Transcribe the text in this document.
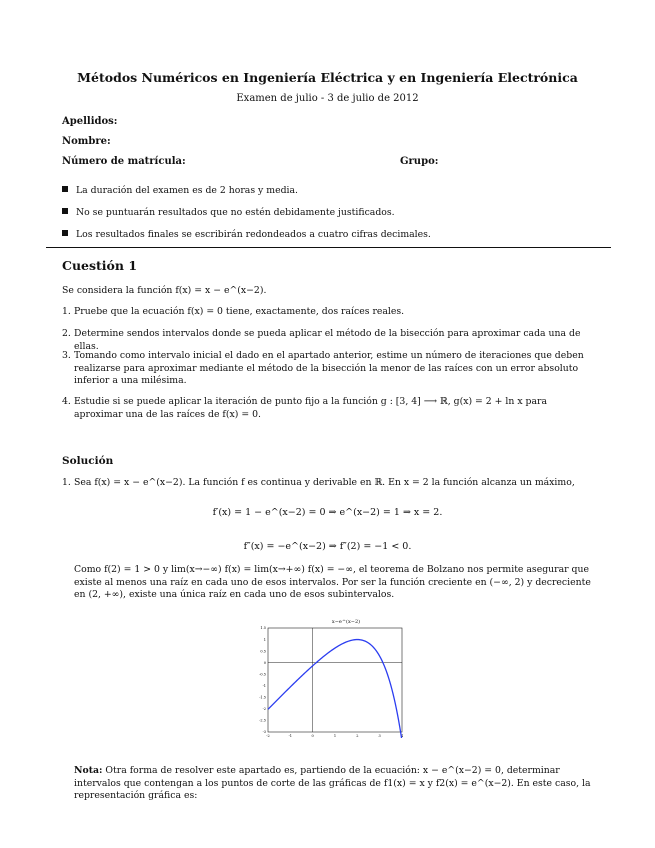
Métodos Numéricos en Ingeniería Eléctrica y en Ingeniería Electrónica
Examen de julio - 3 de julio de 2012
Apellidos:
Nombre:
Número de matrícula:	Grupo:
La duración del examen es de 2 horas y media.
No se puntuarán resultados que no estén debidamente justificados.
Los resultados finales se escribirán redondeados a cuatro cifras decimales.
Cuestión 1
Se considera la función f(x) = x − e^(x−2).
1. Pruebe que la ecuación f(x) = 0 tiene, exactamente, dos raíces reales.
2. Determine sendos intervalos donde se pueda aplicar el método de la bisección para aproximar cada una de ellas.
3. Tomando como intervalo inicial el dado en el apartado anterior, estime un número de iteraciones que deben realizarse para aproximar mediante el método de la bisección la menor de las raíces con un error absoluto inferior a una milésima.
4. Estudie si se puede aplicar la iteración de punto fijo a la función g : [3, 4] ⟶ ℝ, g(x) = 2 + ln x para aproximar una de las raíces de f(x) = 0.
Solución
1. Sea f(x) = x − e^(x−2). La función f es continua y derivable en ℝ. En x = 2 la función alcanza un máximo,
f′(x) = 1 − e^(x−2) = 0 ⇒ e^(x−2) = 1 ⇒ x = 2.
f″(x) = −e^(x−2) ⇒ f″(2) = −1 < 0.
Como f(2) = 1 > 0 y lim(x→−∞) f(x) = lim(x→+∞) f(x) = −∞, el teorema de Bolzano nos permite asegurar que existe al menos una raíz en cada uno de esos intervalos. Por ser la función creciente en (−∞, 2) y decreciente en (2, +∞), existe una única raíz en cada uno de esos subintervalos.
x−e^(x−2)
-2	-1	0	1	2	3	4
1.5
1
0.5
0
-0.5
-1
-1.5
-2
-2.5
-3
Nota: Otra forma de resolver este apartado es, partiendo de la ecuación: x − e^(x−2) = 0, determinar intervalos que contengan a los puntos de corte de las gráficas de f1(x) = x y f2(x) = e^(x−2). En este caso, la representación gráfica es:
